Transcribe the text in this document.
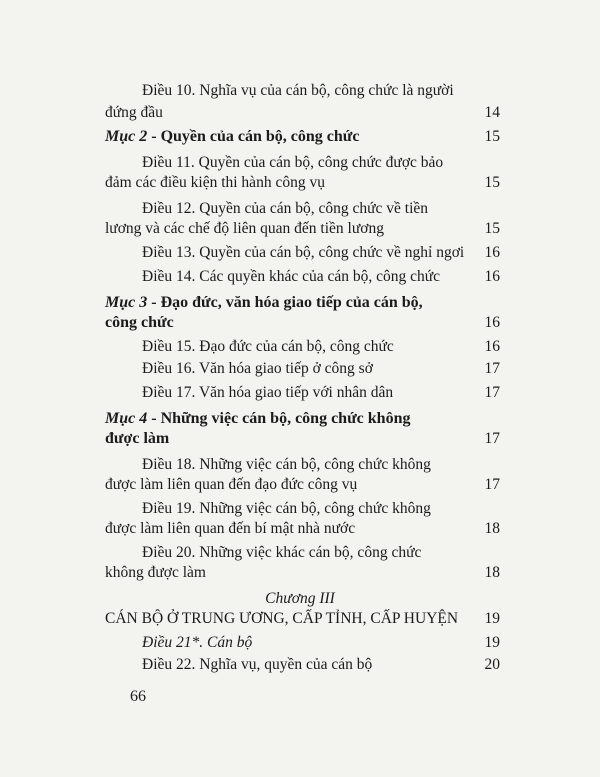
Điều 10. Nghĩa vụ của cán bộ, công chức là người
đứng đầu	14
Mục 2 - Quyền của cán bộ, công chức	15
Điều 11. Quyền của cán bộ, công chức được bảo
đảm các điều kiện thi hành công vụ	15
Điều 12. Quyền của cán bộ, công chức về tiền
lương và các chế độ liên quan đến tiền lương	15
Điều 13. Quyền của cán bộ, công chức về nghỉ ngơi	16
Điều 14. Các quyền khác của cán bộ, công chức	16
Mục 3 - Đạo đức, văn hóa giao tiếp của cán bộ,
công chức	16
Điều 15. Đạo đức của cán bộ, công chức	16
Điều 16. Văn hóa giao tiếp ở công sở	17
Điều 17. Văn hóa giao tiếp với nhân dân	17
Mục 4 - Những việc cán bộ, công chức không
được làm	17
Điều 18. Những việc cán bộ, công chức không
được làm liên quan đến đạo đức công vụ	17
Điều 19. Những việc cán bộ, công chức không
được làm liên quan đến bí mật nhà nước	18
Điều 20. Những việc khác cán bộ, công chức
không được làm	18
Chương III
CÁN BỘ Ở TRUNG ƯƠNG, CẤP TỈNH, CẤP HUYỆN	19
Điều 21*. Cán bộ	19
Điều 22. Nghĩa vụ, quyền của cán bộ	20
66
